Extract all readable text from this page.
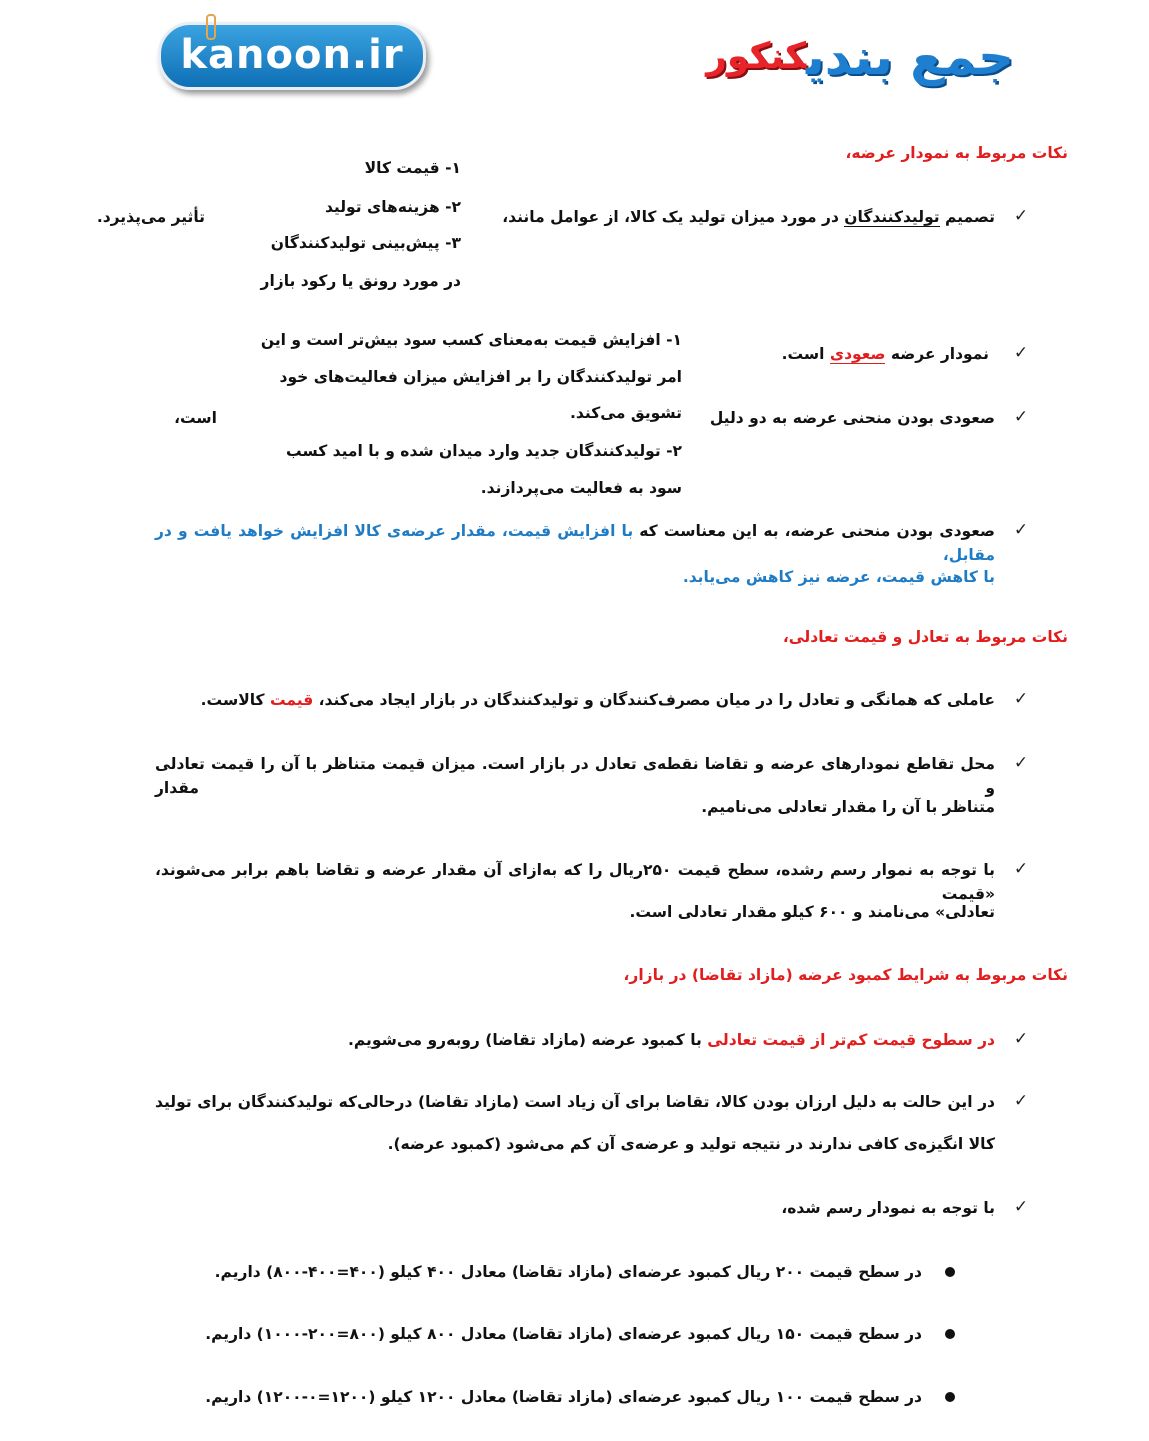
kanoon.ir	جمع بندی$^{کنکور}$
نکات مربوط به نمودار عرضه،
✓
تصمیم تولیدکنندگان در مورد میزان تولید یک کالا، از عوامل مانند،
۱- قیمت کالا
۲- هزینه‌های تولید
۳- پیش‌بینی تولیدکنندگان
در مورد رونق یا رکود بازار
تأثیر می‌پذیرد.
✓
نمودار عرضه صعودی است.
✓
صعودی بودن منحنی عرضه به دو دلیل
۱- افزایش قیمت به‌معنای کسب سود بیش‌تر است و این
امر تولیدکنندگان را بر افزایش میزان فعالیت‌های خود
تشویق می‌کند.
۲- تولیدکنندگان جدید وارد میدان شده و با امید کسب
سود به فعالیت می‌پردازند.
است،
✓
صعودی بودن منحنی عرضه، به این معناست که با افزایش قیمت، مقدار عرضه‌ی کالا افزایش خواهد یافت و در مقابل،
با کاهش قیمت، عرضه نیز کاهش می‌یابد.
نکات مربوط به تعادل و قیمت تعادلی،
✓
عاملی که همانگی و تعادل را در میان مصرف‌کنندگان و تولیدکنندگان در بازار ایجاد می‌کند، قیمت کالاست.
✓
محل تقاطع نمودارهای عرضه و تقاضا نقطه‌ی تعادل در بازار است. میزان قیمت متناظر با آن را قیمت تعادلی و مقدار
متناظر با آن را مقدار تعادلی می‌نامیم.
✓
با توجه به نموار رسم رشده، سطح قیمت ۲۵۰ریال را که به‌ازای آن مقدار عرضه و تقاضا باهم برابر می‌شوند، «قیمت
تعادلی» می‌نامند و ۶۰۰ کیلو مقدار تعادلی است.
نکات مربوط به شرایط کمبود عرضه (مازاد تقاضا) در بازار،
✓
در سطوح قیمت کم‌تر از قیمت تعادلی با کمبود عرضه (مازاد تقاضا) روبه‌رو می‌شویم.
✓
در این حالت به دلیل ارزان بودن کالا، تقاضا برای آن زیاد است (مازاد تقاضا) درحالی‌که تولیدکنندگان برای تولید
کالا انگیزه‌ی کافی ندارند در نتیجه تولید و عرضه‌ی آن کم می‌شود (کمبود عرضه).
✓
با توجه به نمودار رسم شده،
در سطح قیمت ۲۰۰ ریال کمبود عرضه‌ای (مازاد تقاضا) معادل ۴۰۰ کیلو (۴۰۰=۴۰۰-۸۰۰) داریم.
در سطح قیمت ۱۵۰ ریال کمبود عرضه‌ای (مازاد تقاضا) معادل ۸۰۰ کیلو (۸۰۰=۲۰۰-۱۰۰۰) داریم.
در سطح قیمت ۱۰۰ ریال کمبود عرضه‌ای (مازاد تقاضا) معادل ۱۲۰۰ کیلو (۱۲۰۰=۰-۱۲۰۰) داریم.
